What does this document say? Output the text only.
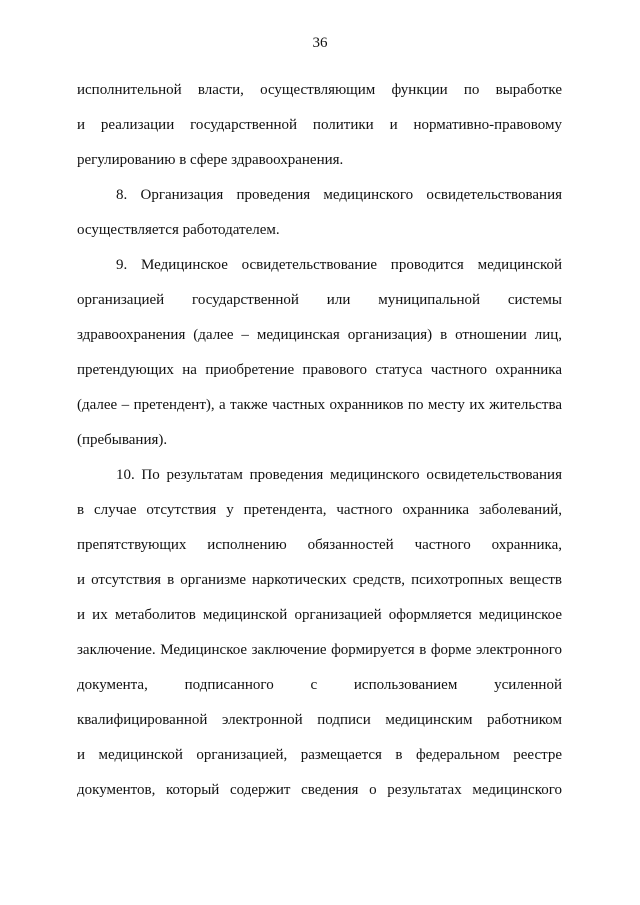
36
исполнительной власти, осуществляющим функции по выработке
и реализации государственной политики и нормативно-правовому
регулированию в сфере здравоохранения.
8. Организация проведения медицинского освидетельствования
осуществляется работодателем.
9. Медицинское освидетельствование проводится медицинской
организацией государственной или муниципальной системы
здравоохранения (далее – медицинская организация) в отношении лиц,
претендующих на приобретение правового статуса частного охранника
(далее – претендент), а также частных охранников по месту их жительства
(пребывания).
10. По результатам проведения медицинского освидетельствования
в случае отсутствия у претендента, частного охранника заболеваний,
препятствующих исполнению обязанностей частного охранника,
и отсутствия в организме наркотических средств, психотропных веществ
и их метаболитов медицинской организацией оформляется медицинское
заключение. Медицинское заключение формируется в форме электронного
документа, подписанного с использованием усиленной
квалифицированной электронной подписи медицинским работником
и медицинской организацией, размещается в федеральном реестре
документов, который содержит сведения о результатах медицинского
